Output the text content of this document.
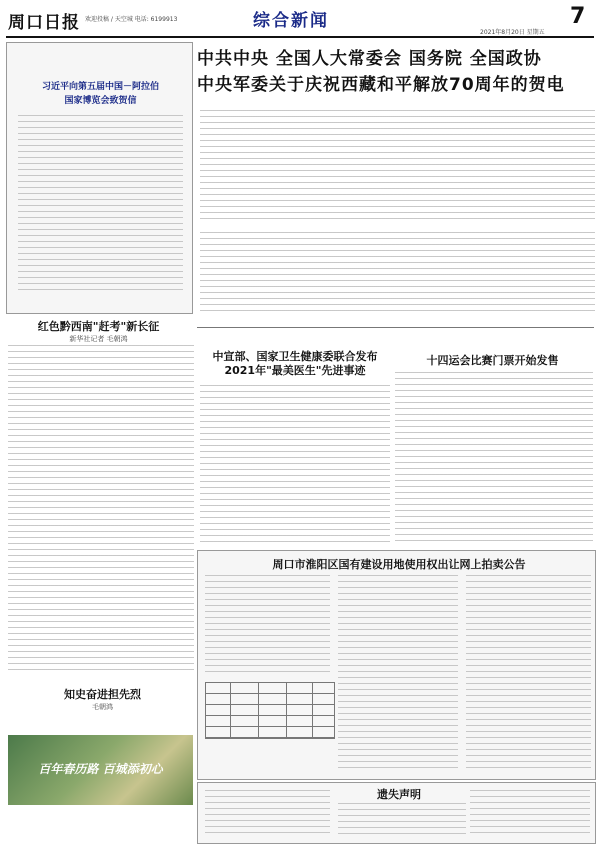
周口日报 欢迎投稿 / 天空城 电话: 6199913	综合新闻	7
2021年8月20日 星期五
习近平向第五届中国－阿拉伯
国家博览会致贺信
中共中央 全国人大常委会 国务院 全国政协
中央军委关于庆祝西藏和平解放70周年的贺电
红色黔西南"赶考"新长征
新华社记者 毛朝鸿
中宣部、国家卫生健康委联合发布
2021年"最美医生"先进事迹
十四运会比赛门票开始发售
周口市淮阳区国有建设用地使用权出让网上拍卖公告
知史奋进担先烈
毛朝鸿
百年春历路 百城添初心
遗失声明
